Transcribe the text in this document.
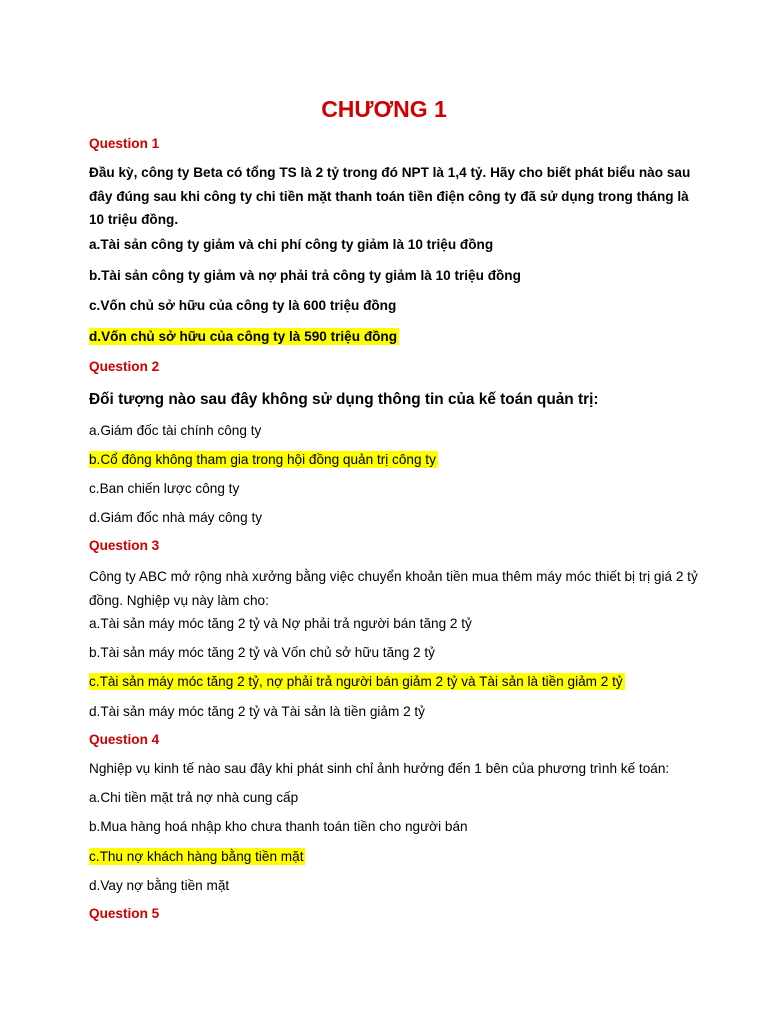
CHƯƠNG 1
Question 1
Đầu kỳ, công ty Beta có tổng TS là 2 tỷ trong đó NPT là 1,4 tỷ. Hãy cho biết phát biểu nào sau đây đúng sau khi công ty chi tiền mặt thanh toán tiền điện công ty đã sử dụng trong tháng là 10 triệu đồng.
a.Tài sản công ty giảm và chi phí công ty giảm là 10 triệu đồng
b.Tài sản công ty giảm và nợ phải trả công ty giảm là 10 triệu đồng
c.Vốn chủ sở hữu của công ty là 600 triệu đồng
d.Vốn chủ sở hữu của công ty là 590 triệu đồng
Question 2
Đối tượng nào sau đây không sử dụng thông tin của kế toán quản trị:
a.Giám đốc tài chính công ty
b.Cổ đông không tham gia trong hội đồng quản trị công ty
c.Ban chiến lược công ty
d.Giám đốc nhà máy công ty
Question 3
Công ty ABC mở rộng nhà xưởng bằng việc chuyển khoản tiền mua thêm máy móc thiết bị trị giá 2 tỷ đồng. Nghiệp vụ này làm cho:
a.Tài sản máy móc tăng 2 tỷ và Nợ phải trả người bán tăng 2 tỷ
b.Tài sản máy móc tăng 2 tỷ và Vốn chủ sở hữu tăng 2 tỷ
c.Tài sản máy móc tăng 2 tỷ, nợ phải trả người bán giảm 2 tỷ và Tài sản là tiền giảm 2 tỷ
d.Tài sản máy móc tăng 2 tỷ và Tài sản là tiền giảm 2 tỷ
Question 4
Nghiệp vụ kinh tế nào sau đây khi phát sinh chỉ ảnh hưởng đến 1 bên của phương trình kế toán:
a.Chi tiền mặt trả nợ nhà cung cấp
b.Mua hàng hoá nhập kho chưa thanh toán tiền cho người bán
c.Thu nợ khách hàng bằng tiền mặt
d.Vay nợ bằng tiền mặt
Question 5
